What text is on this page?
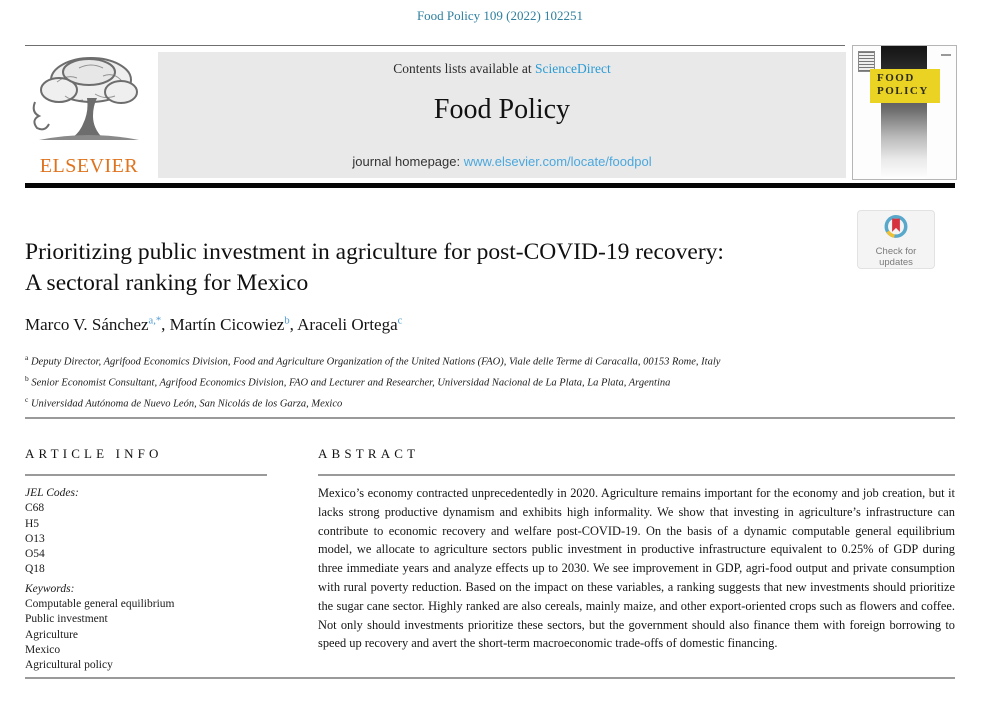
Food Policy 109 (2022) 102251
ELSEVIER
Contents lists available at ScienceDirect
Food Policy
journal homepage: www.elsevier.com/locate/foodpol
FOOD
POLICY
Check for
updates
Prioritizing public investment in agriculture for post-COVID-19 recovery:
A sectoral ranking for Mexico
Marco V. Sánchez$^{a,*}$, Martín Cicowiez$^b$, Araceli Ortega$^c$
$^a$ Deputy Director, Agrifood Economics Division, Food and Agriculture Organization of the United Nations (FAO), Viale delle Terme di Caracalla, 00153 Rome, Italy
$^b$ Senior Economist Consultant, Agrifood Economics Division, FAO and Lecturer and Researcher, Universidad Nacional de La Plata, La Plata, Argentina
$^c$ Universidad Autónoma de Nuevo León, San Nicolás de los Garza, Mexico
ARTICLE INFO
JEL Codes:
C68
H5
O13
O54
Q18
Keywords:
Computable general equilibrium
Public investment
Agriculture
Mexico
Agricultural policy
ABSTRACT
Mexico’s economy contracted unprecedentedly in 2020. Agriculture remains important for the economy and job creation, but it lacks strong productive dynamism and exhibits high informality. We show that investing in agriculture’s infrastructure can contribute to economic recovery and welfare post-COVID-19. On the basis of a dynamic computable general equilibrium model, we allocate to agriculture sectors public investment in productive infrastructure equivalent to 0.25% of GDP during three immediate years and analyze effects up to 2030. We see improvement in GDP, agri-food output and private consumption with rural poverty reduction. Based on the impact on these variables, a ranking suggests that new investments should prioritize the sugar cane sector. Highly ranked are also cereals, mainly maize, and other export-oriented crops such as flowers and coffee. Not only should investments prioritize these sectors, but the government should also finance them with foreign borrowing to speed up recovery and avert the short-term macroeconomic trade-offs of domestic financing.
